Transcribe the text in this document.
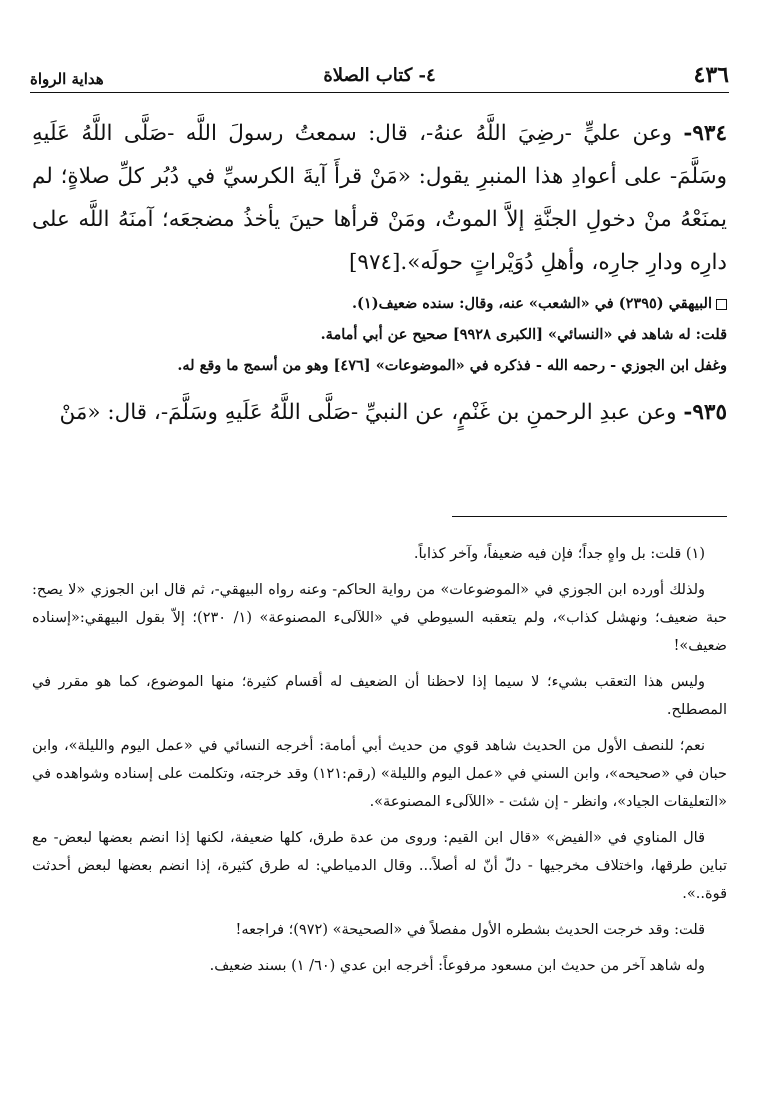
هداية الرواة	٤- كتاب الصلاة	٤٣٦

٩٣٤- وعن عليٍّ -رضِيَ اللَّهُ عنهُ-، قال: سمعتُ رسولَ اللَّه -صَلَّى اللَّهُ عَلَيهِ وسَلَّمَ- على أعوادِ هذا المنبرِ يقول: «مَنْ قرأَ آيةَ الكرسيِّ في دُبُر كلِّ صلاةٍ؛ لم يمنَعْهُ منْ دخولِ الجنَّةِ إلاَّ الموتُ، ومَنْ قرأها حينَ يأخذُ مضجعَه؛ آمنَهُ اللَّه على دارِه ودارِ جارِه، وأهلِ دُوَيْراتٍ حولَه».[٩٧٤]

البيهقي (٢٣٩٥) في «الشعب» عنه، وقال: سنده ضعيف(١).

قلت: له شاهد في «النسائي» [الكبرى ٩٩٢٨] صحيح عن أبي أمامة.

وغفل ابن الجوزي - رحمه الله - فذكره في «الموضوعات» [٤٧٦] وهو من أسمج ما وقع له.

٩٣٥- وعن عبدِ الرحمنِ بن غَنْمٍ، عن النبيِّ -صَلَّى اللَّهُ عَلَيهِ وسَلَّمَ-، قال: «مَنْ

(١) قلت: بل واهٍ جداً؛ فإن فيه ضعيفاً، وآخر كذاباً.

ولذلك أورده ابن الجوزي في «الموضوعات» من رواية الحاكم- وعنه رواه البيهقي-، ثم قال ابن الجوزي «لا يصح: حبة ضعيف؛ ونهشل كذاب»، ولم يتعقبه السيوطي في «اللآلىء المصنوعة» (١/ ٢٣٠)؛ إلاّ بقول البيهقي:«إسناده ضعيف»!

وليس هذا التعقب بشيء؛ لا سيما إذا لاحظنا أن الضعيف له أقسام كثيرة؛ منها الموضوع، كما هو مقرر في المصطلح.

نعم؛ للنصف الأول من الحديث شاهد قوي من حديث أبي أمامة: أخرجه النسائي في «عمل اليوم والليلة»، وابن حبان في «صحيحه»، وابن السني في «عمل اليوم والليلة» (رقم:١٢١) وقد خرجته، وتكلمت على إسناده وشواهده في «التعليقات الجياد»، وانظر - إن شئت - «اللآلىء المصنوعة».

قال المناوي في «الفيض» «قال ابن القيم: وروى من عدة طرق، كلها ضعيفة، لكنها إذا انضم بعضها لبعض- مع تباين طرقها، واختلاف مخرجيها - دلّ أنّ له أصلاً... وقال الدمياطي: له طرق كثيرة، إذا انضم بعضها لبعض أحدثت قوة..».

قلت: وقد خرجت الحديث بشطره الأول مفصلاً في «الصحيحة» (٩٧٢)؛ فراجعه!

وله شاهد آخر من حديث ابن مسعود مرفوعاً: أخرجه ابن عدي (٦٠/ ١) بسند ضعيف.
